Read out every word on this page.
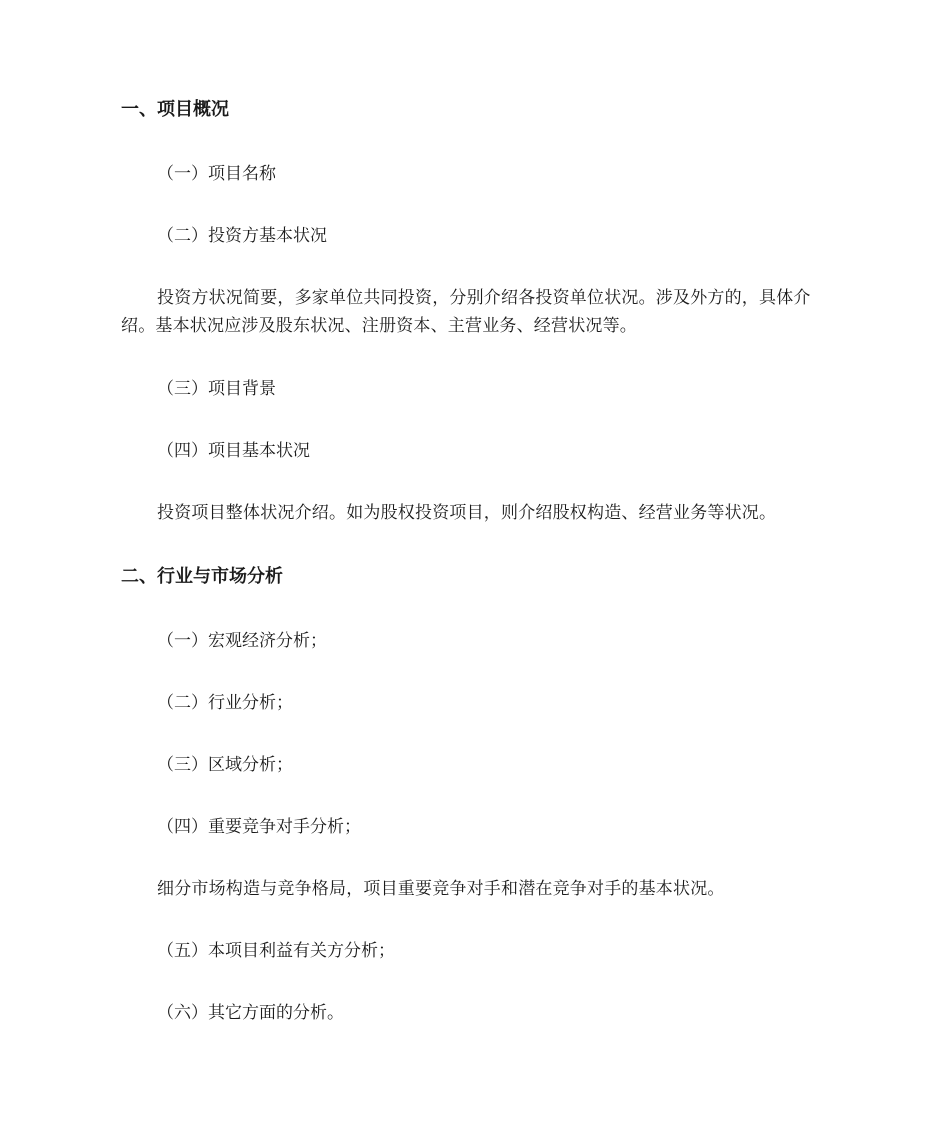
一、项目概况
（一）项目名称
（二）投资方基本状况
投资方状况简要，多家单位共同投资，分别介绍各投资单位状况。涉及外方的，具体介绍。基本状况应涉及股东状况、注册资本、主营业务、经营状况等。
（三）项目背景
（四）项目基本状况
投资项目整体状况介绍。如为股权投资项目，则介绍股权构造、经营业务等状况。
二、行业与市场分析
（一）宏观经济分析；
（二）行业分析；
（三）区域分析；
（四）重要竞争对手分析；
细分市场构造与竞争格局，项目重要竞争对手和潜在竞争对手的基本状况。
（五）本项目利益有关方分析；
（六）其它方面的分析。
